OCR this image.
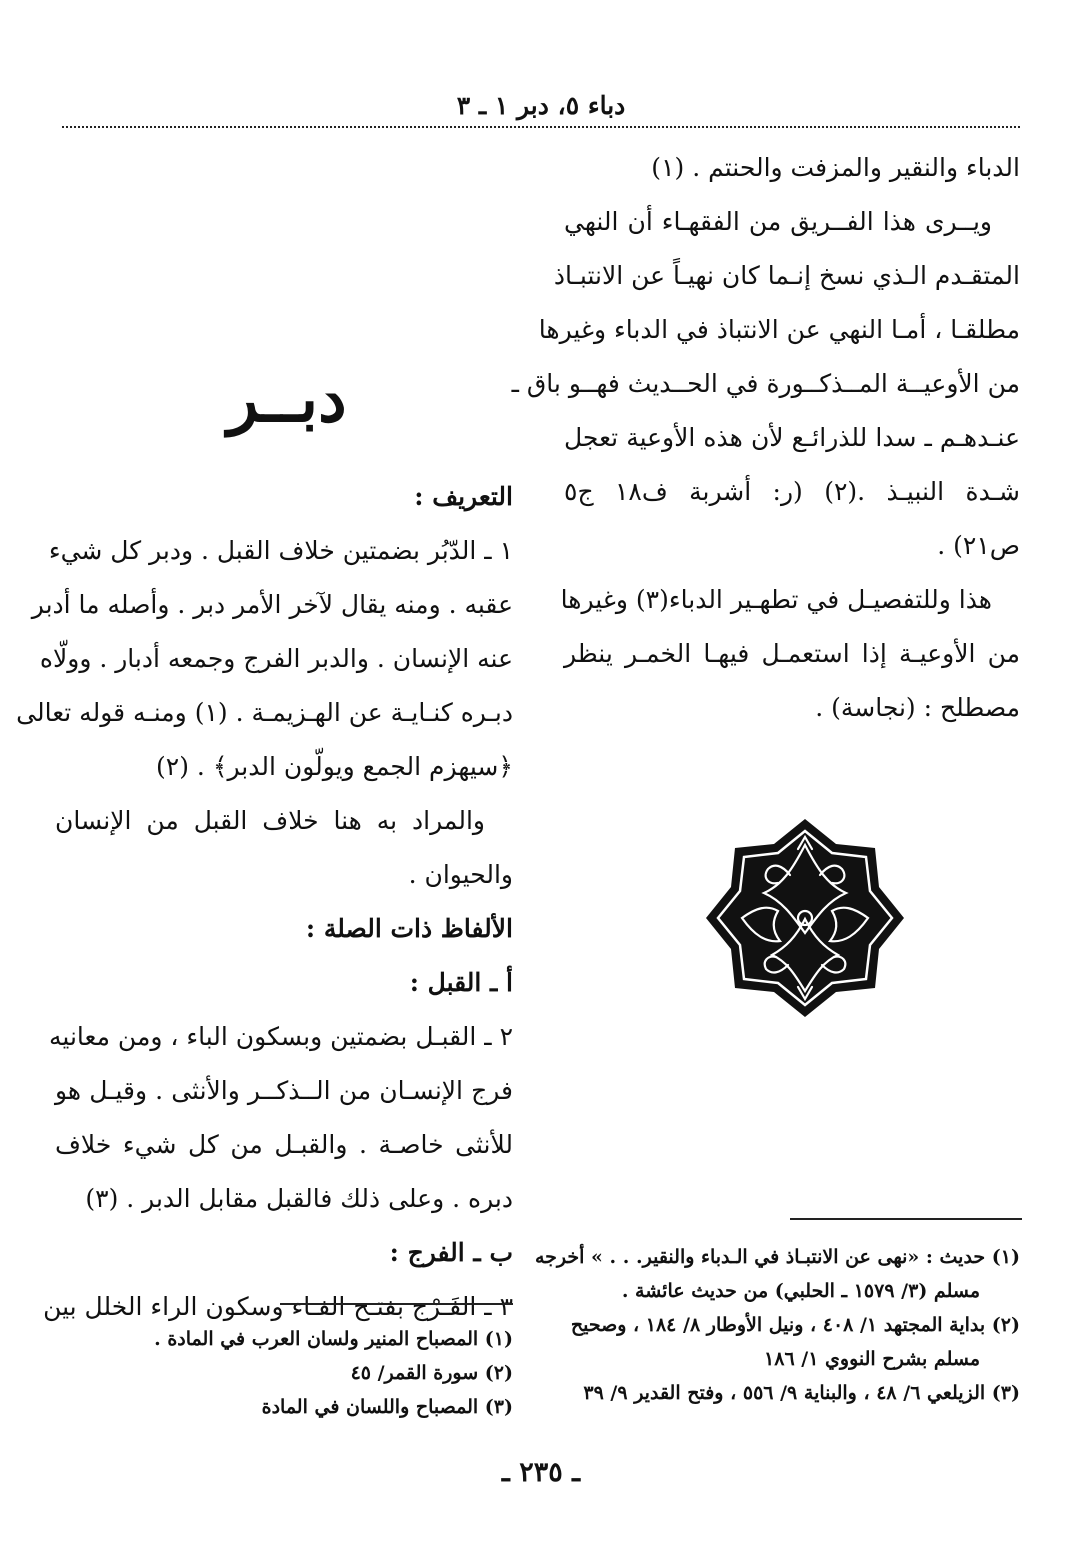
دباء ٥، دبر ١ ـ ٣
الدباء والنقير والمزفت والحنتم . (١)
ويــرى هذا الفــريق من الفقهـاء أن النهي
المتقـدم الـذي نسخ إنـما كان نهيـاً عن الانتبـاذ
مطلقـا ، أمـا النهي عن الانتباذ في الدباء وغيرها
من الأوعيــة المــذكــورة في الحــديث فهــو باق ـ
عنـدهـم ـ سدا للذرائـع لأن هذه الأوعية تعجل
شـدة النبيـذ .(٢) (ر: أشربة ف١٨ ج٥
ص٢١) .
هذا وللتفصيـل في تطهـير الدباء(٣) وغيرها
من الأوعيـة إذا استعمـل فيهـا الخمـر ينظر
مصطلح : (نجاسة) .
دبــر
التعريف :
١ ـ الدّبُر بضمتين خلاف القبل . ودبر كل شيء
عقبه . ومنه يقال لآخر الأمر دبر . وأصله ما أدبر
عنه الإنسان . والدبر الفرج وجمعه أدبار . وولّاه
دبـره كنـايـة عن الهـزيمـة . (١) ومنـه قوله تعالى
﴿سيهزم الجمع ويولّون الدبر﴾ . (٢)
والمراد به هنا خلاف القبل من الإنسان
والحيوان .
الألفاظ ذات الصلة :
أ ـ القبل :
٢ ـ القبـل بضمتين وبسكون الباء ، ومن معانيه
فرج الإنسـان من الــذكــر والأنثى . وقيـل هو
للأنثى خاصـة . والقبـل من كل شيء خلاف
دبره . وعلى ذلك فالقبل مقابل الدبر . (٣)
ب ـ الفرج :
٣ ـ الفَـرْج بفتـح الفـاء وسكون الراء الخلل بين
(١) حديث : «نهى عن الانتبـاذ في الـدباء والنقير. . . » أخرجه
مسلم (٣/ ١٥٧٩ ـ الحلبي) من حديث عائشة .
(٢) بداية المجتهد ١/ ٤٠٨ ، ونيل الأوطار ٨/ ١٨٤ ، وصحيح
مسلم بشرح النووي ١/ ١٨٦
(٣) الزيلعي ٦/ ٤٨ ، والبناية ٩/ ٥٥٦ ، وفتح القدير ٩/ ٣٩
(١) المصباح المنير ولسان العرب في المادة .
(٢) سورة القمر/ ٤٥
(٣) المصباح واللسان في المادة
ـ ٢٣٥ ـ
